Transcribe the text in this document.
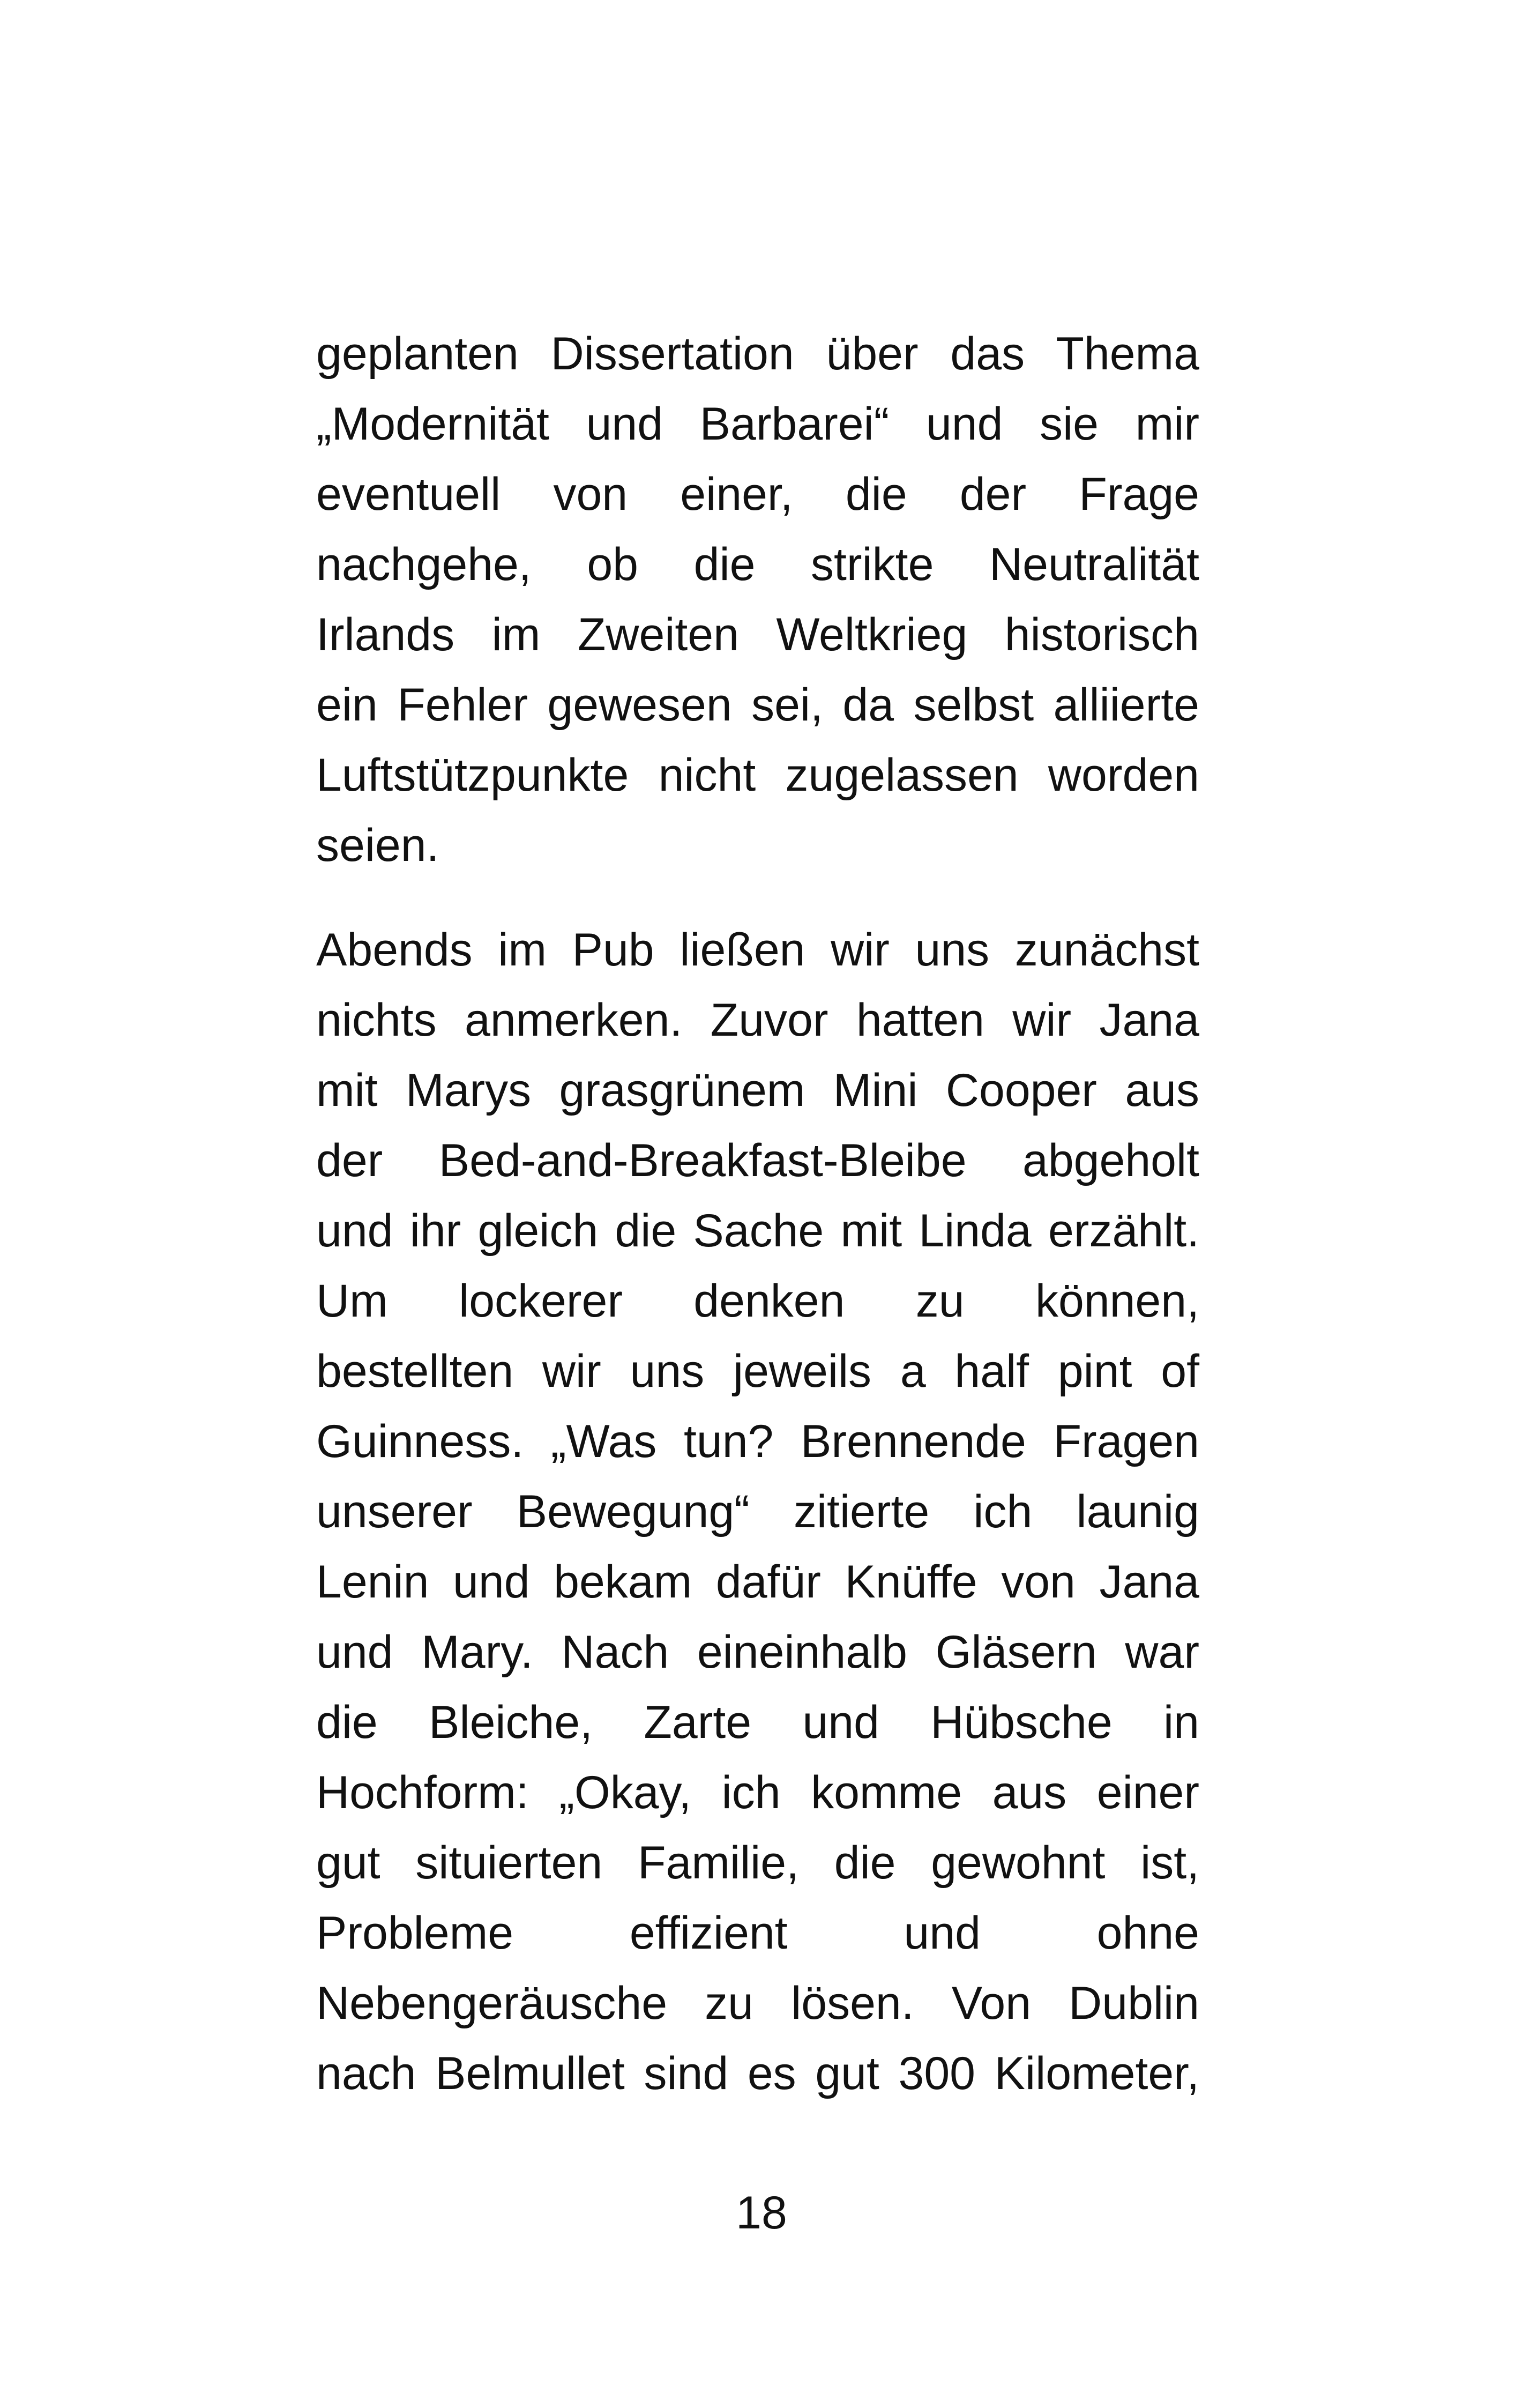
geplanten Dissertation über das Thema
„Modernität und Barbarei“ und sie mir
eventuell von einer, die der Frage
nachgehe, ob die strikte Neutralität
Irlands im Zweiten Weltkrieg historisch
ein Fehler gewesen sei, da selbst alliierte
Luftstützpunkte nicht zugelassen worden
seien.
Abends im Pub ließen wir uns zunächst
nichts anmerken. Zuvor hatten wir Jana
mit Marys grasgrünem Mini Cooper aus
der Bed-and-Breakfast-Bleibe abgeholt
und ihr gleich die Sache mit Linda erzählt.
Um lockerer denken zu können,
bestellten wir uns jeweils a half pint of
Guinness. „Was tun? Brennende Fragen
unserer Bewegung“ zitierte ich launig
Lenin und bekam dafür Knüffe von Jana
und Mary. Nach eineinhalb Gläsern war
die Bleiche, Zarte und Hübsche in
Hochform: „Okay, ich komme aus einer
gut situierten Familie, die gewohnt ist,
Probleme effizient und ohne
Nebengeräusche zu lösen. Von Dublin
nach Belmullet sind es gut 300 Kilometer,
18
